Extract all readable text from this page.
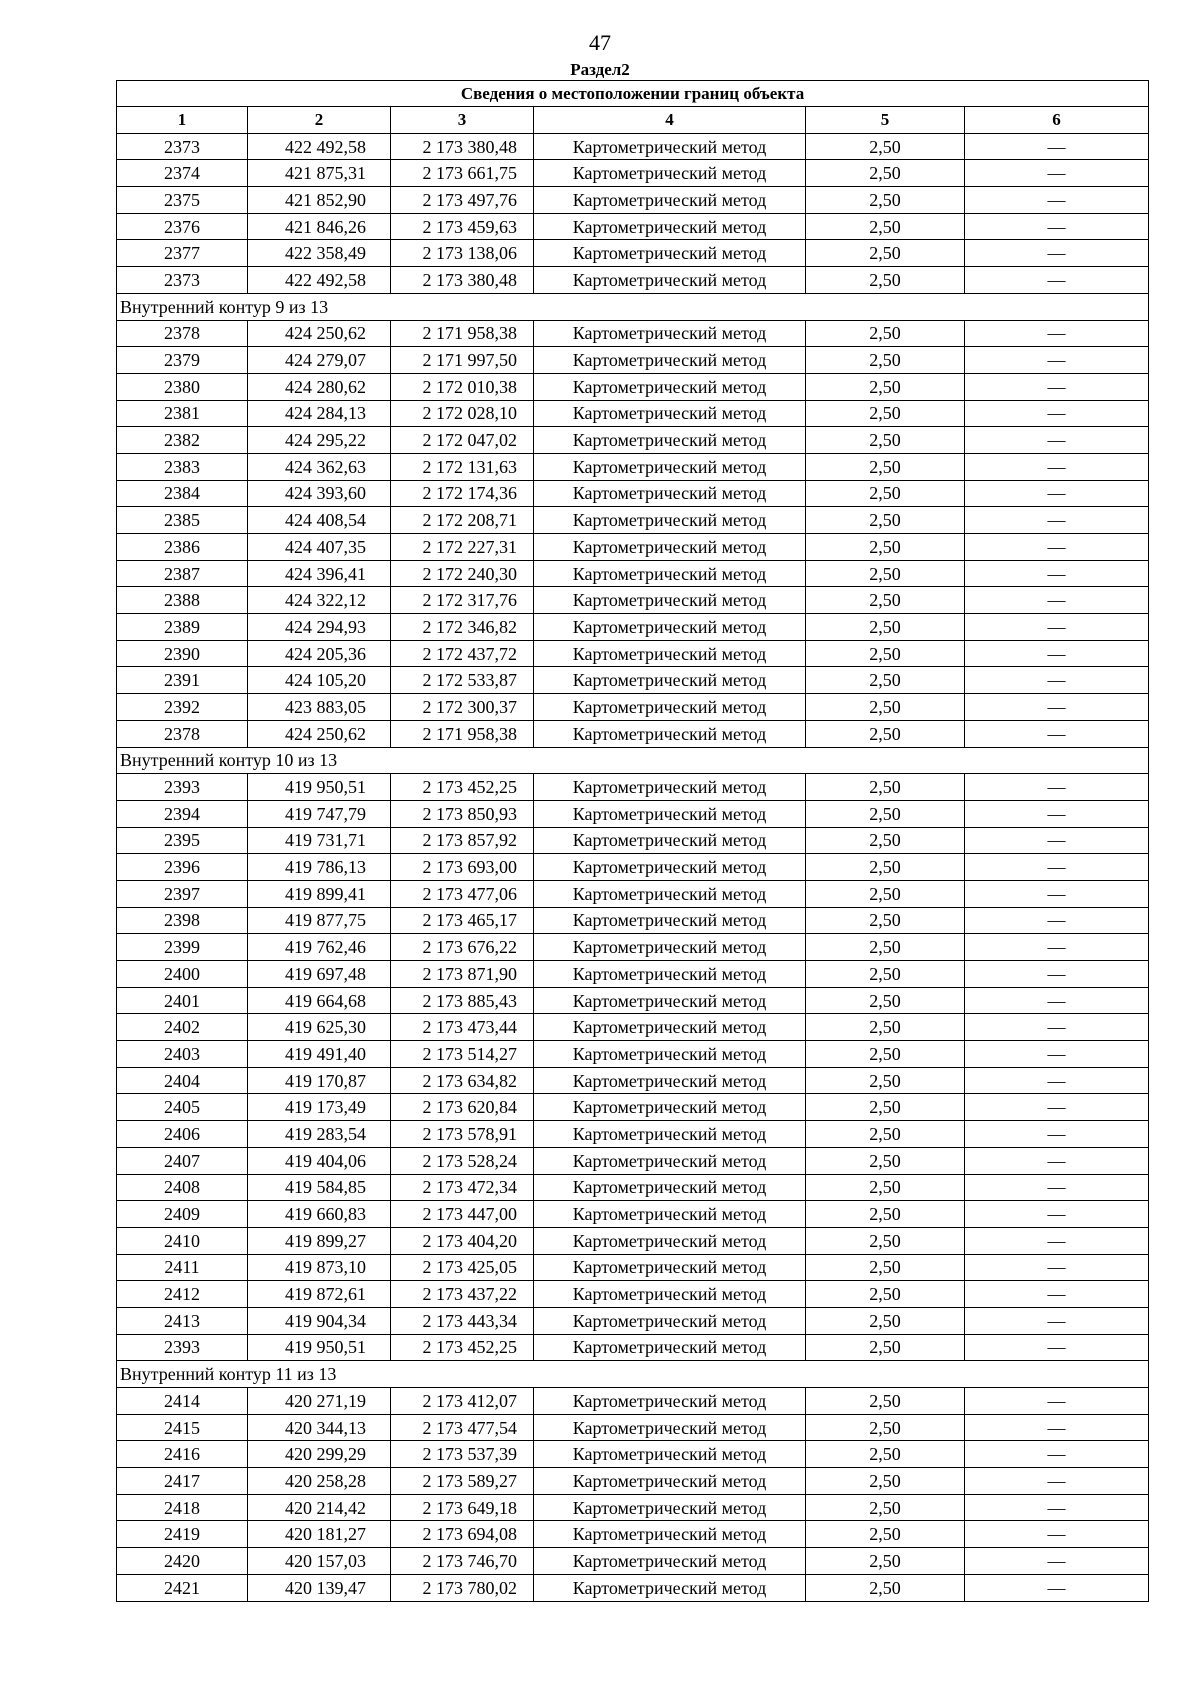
47
Раздел2
Сведения о местоположении границ объекта					
1	2	3	4	5	6
2373	422 492,58	2 173 380,48	Картометрический метод	2,50	—
2374	421 875,31	2 173 661,75	Картометрический метод	2,50	—
2375	421 852,90	2 173 497,76	Картометрический метод	2,50	—
2376	421 846,26	2 173 459,63	Картометрический метод	2,50	—
2377	422 358,49	2 173 138,06	Картометрический метод	2,50	—
2373	422 492,58	2 173 380,48	Картометрический метод	2,50	—
Внутренний контур 9 из 13					
2378	424 250,62	2 171 958,38	Картометрический метод	2,50	—
2379	424 279,07	2 171 997,50	Картометрический метод	2,50	—
2380	424 280,62	2 172 010,38	Картометрический метод	2,50	—
2381	424 284,13	2 172 028,10	Картометрический метод	2,50	—
2382	424 295,22	2 172 047,02	Картометрический метод	2,50	—
2383	424 362,63	2 172 131,63	Картометрический метод	2,50	—
2384	424 393,60	2 172 174,36	Картометрический метод	2,50	—
2385	424 408,54	2 172 208,71	Картометрический метод	2,50	—
2386	424 407,35	2 172 227,31	Картометрический метод	2,50	—
2387	424 396,41	2 172 240,30	Картометрический метод	2,50	—
2388	424 322,12	2 172 317,76	Картометрический метод	2,50	—
2389	424 294,93	2 172 346,82	Картометрический метод	2,50	—
2390	424 205,36	2 172 437,72	Картометрический метод	2,50	—
2391	424 105,20	2 172 533,87	Картометрический метод	2,50	—
2392	423 883,05	2 172 300,37	Картометрический метод	2,50	—
2378	424 250,62	2 171 958,38	Картометрический метод	2,50	—
Внутренний контур 10 из 13					
2393	419 950,51	2 173 452,25	Картометрический метод	2,50	—
2394	419 747,79	2 173 850,93	Картометрический метод	2,50	—
2395	419 731,71	2 173 857,92	Картометрический метод	2,50	—
2396	419 786,13	2 173 693,00	Картометрический метод	2,50	—
2397	419 899,41	2 173 477,06	Картометрический метод	2,50	—
2398	419 877,75	2 173 465,17	Картометрический метод	2,50	—
2399	419 762,46	2 173 676,22	Картометрический метод	2,50	—
2400	419 697,48	2 173 871,90	Картометрический метод	2,50	—
2401	419 664,68	2 173 885,43	Картометрический метод	2,50	—
2402	419 625,30	2 173 473,44	Картометрический метод	2,50	—
2403	419 491,40	2 173 514,27	Картометрический метод	2,50	—
2404	419 170,87	2 173 634,82	Картометрический метод	2,50	—
2405	419 173,49	2 173 620,84	Картометрический метод	2,50	—
2406	419 283,54	2 173 578,91	Картометрический метод	2,50	—
2407	419 404,06	2 173 528,24	Картометрический метод	2,50	—
2408	419 584,85	2 173 472,34	Картометрический метод	2,50	—
2409	419 660,83	2 173 447,00	Картометрический метод	2,50	—
2410	419 899,27	2 173 404,20	Картометрический метод	2,50	—
2411	419 873,10	2 173 425,05	Картометрический метод	2,50	—
2412	419 872,61	2 173 437,22	Картометрический метод	2,50	—
2413	419 904,34	2 173 443,34	Картометрический метод	2,50	—
2393	419 950,51	2 173 452,25	Картометрический метод	2,50	—
Внутренний контур 11 из 13					
2414	420 271,19	2 173 412,07	Картометрический метод	2,50	—
2415	420 344,13	2 173 477,54	Картометрический метод	2,50	—
2416	420 299,29	2 173 537,39	Картометрический метод	2,50	—
2417	420 258,28	2 173 589,27	Картометрический метод	2,50	—
2418	420 214,42	2 173 649,18	Картометрический метод	2,50	—
2419	420 181,27	2 173 694,08	Картометрический метод	2,50	—
2420	420 157,03	2 173 746,70	Картометрический метод	2,50	—
2421	420 139,47	2 173 780,02	Картометрический метод	2,50	—
